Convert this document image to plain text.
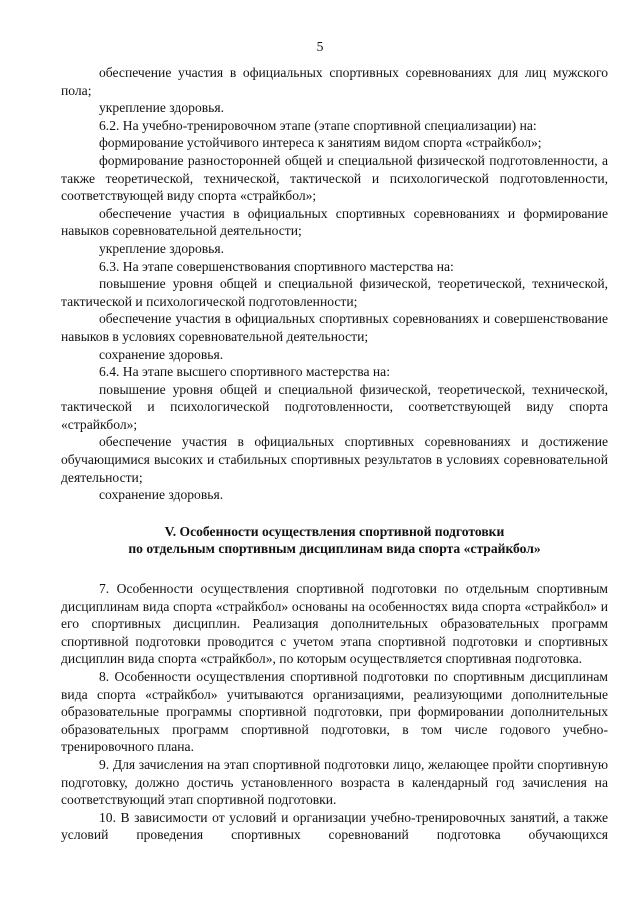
5

обеспечение участия в официальных спортивных соревнованиях для лиц мужского пола;

укрепление здоровья.

6.2. На учебно-тренировочном этапе (этапе спортивной специализации) на:

формирование устойчивого интереса к занятиям видом спорта «страйкбол»;

формирование разносторонней общей и специальной физической подготовленности, а также теоретической, технической, тактической и психологической подготовленности, соответствующей виду спорта «страйкбол»;

обеспечение участия в официальных спортивных соревнованиях и формирование навыков соревновательной деятельности;

укрепление здоровья.

6.3. На этапе совершенствования спортивного мастерства на:

повышение уровня общей и специальной физической, теоретической, технической, тактической и психологической подготовленности;

обеспечение участия в официальных спортивных соревнованиях и совершенствование навыков в условиях соревновательной деятельности;

сохранение здоровья.

6.4. На этапе высшего спортивного мастерства на:

повышение уровня общей и специальной физической, теоретической, технической, тактической и психологической подготовленности, соответствующей виду спорта «страйкбол»;

обеспечение участия в официальных спортивных соревнованиях и достижение обучающимися высоких и стабильных спортивных результатов в условиях соревновательной деятельности;

сохранение здоровья.

V. Особенности осуществления спортивной подготовки

по отдельным спортивным дисциплинам вида спорта «страйкбол»

7. Особенности осуществления спортивной подготовки по отдельным спортивным дисциплинам вида спорта «страйкбол» основаны на особенностях вида спорта «страйкбол» и его спортивных дисциплин. Реализация дополнительных образовательных программ спортивной подготовки проводится с учетом этапа спортивной подготовки и спортивных дисциплин вида спорта «страйкбол», по которым осуществляется спортивная подготовка.

8. Особенности осуществления спортивной подготовки по спортивным дисциплинам вида спорта «страйкбол» учитываются организациями, реализующими дополнительные образовательные программы спортивной подготовки, при формировании дополнительных образовательных программ спортивной подготовки, в том числе годового учебно-тренировочного плана.

9. Для зачисления на этап спортивной подготовки лицо, желающее пройти спортивную подготовку, должно достичь установленного возраста в календарный год зачисления на соответствующий этап спортивной подготовки.

10. В зависимости от условий и организации учебно-тренировочных занятий, а также условий проведения спортивных соревнований подготовка обучающихся
